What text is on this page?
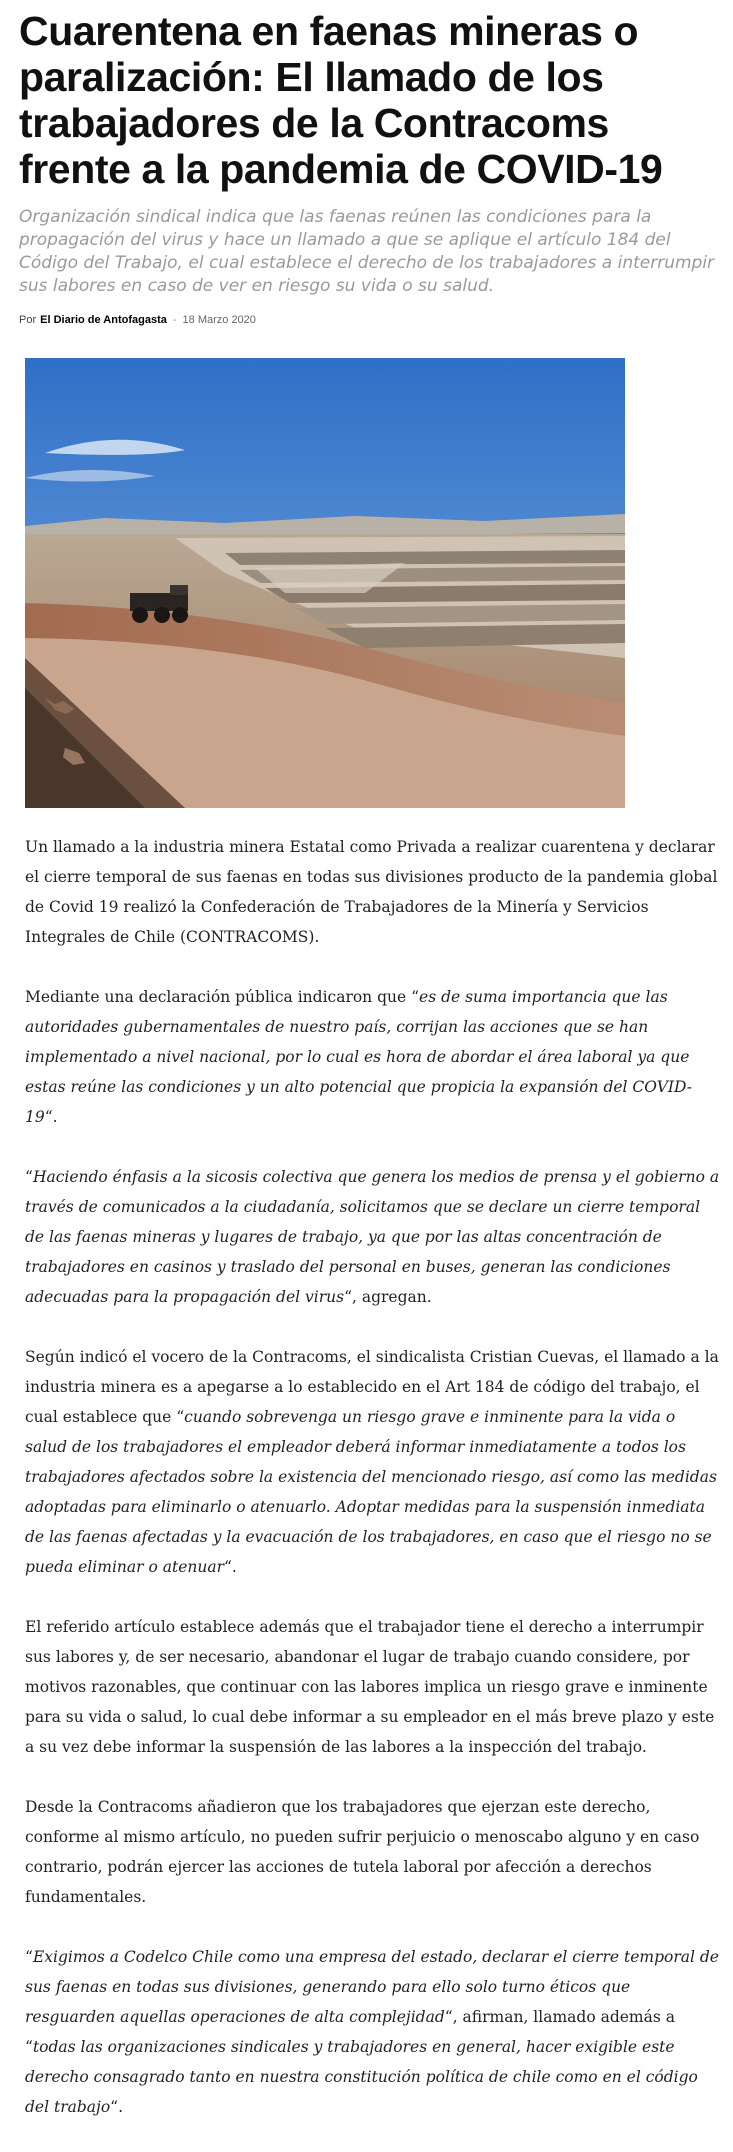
Cuarentena en faenas mineras o paralización: El llamado de los trabajadores de la Contracoms frente a la pandemia de COVID-19

Organización sindical indica que las faenas reúnen las condiciones para la propagación del virus y hace un llamado a que se aplique el artículo 184 del Código del Trabajo, el cual establece el derecho de los trabajadores a interrumpir sus labores en caso de ver en riesgo su vida o su salud.

Por El Diario de Antofagasta - 18 Marzo 2020

Un llamado a la industria minera Estatal como Privada a realizar cuarentena y declarar el cierre temporal de sus faenas en todas sus divisiones producto de la pandemia global de Covid 19 realizó la Confederación de Trabajadores de la Minería y Servicios Integrales de Chile (CONTRACOMS).

Mediante una declaración pública indicaron que “es de suma importancia que las autoridades gubernamentales de nuestro país, corrijan las acciones que se han implementado a nivel nacional, por lo cual es hora de abordar el área laboral ya que estas reúne las condiciones y un alto potencial que propicia la expansión del COVID-19“.

“Haciendo énfasis a la sicosis colectiva que genera los medios de prensa y el gobierno a través de comunicados a la ciudadanía, solicitamos que se declare un cierre temporal de las faenas mineras y lugares de trabajo, ya que por las altas concentración de trabajadores en casinos y traslado del personal en buses, generan las condiciones adecuadas para la propagación del virus“, agregan.

Según indicó el vocero de la Contracoms, el sindicalista Cristian Cuevas, el llamado a la industria minera es a apegarse a lo establecido en el Art 184 de código del trabajo, el cual establece que “cuando sobrevenga un riesgo grave e inminente para la vida o salud de los trabajadores el empleador deberá informar inmediatamente a todos los trabajadores afectados sobre la existencia del mencionado riesgo, así como las medidas adoptadas para eliminarlo o atenuarlo. Adoptar medidas para la suspensión inmediata de las faenas afectadas y la evacuación de los trabajadores, en caso que el riesgo no se pueda eliminar o atenuar“.

El referido artículo establece además que el trabajador tiene el derecho a interrumpir sus labores y, de ser necesario, abandonar el lugar de trabajo cuando considere, por motivos razonables, que continuar con las labores implica un riesgo grave e inminente para su vida o salud, lo cual debe informar a su empleador en el más breve plazo y este a su vez debe informar la suspensión de las labores a la inspección del trabajo.

Desde la Contracoms añadieron que los trabajadores que ejerzan este derecho, conforme al mismo artículo, no pueden sufrir perjuicio o menoscabo alguno y en caso contrario, podrán ejercer las acciones de tutela laboral por afección a derechos fundamentales.

“Exigimos a Codelco Chile como una empresa del estado, declarar el cierre temporal de sus faenas en todas sus divisiones, generando para ello solo turno éticos que resguarden aquellas operaciones de alta complejidad“, afirman, llamado además a “todas las organizaciones sindicales y trabajadores en general, hacer exigible este derecho consagrado tanto en nuestra constitución política de chile como en el código del trabajo“.
